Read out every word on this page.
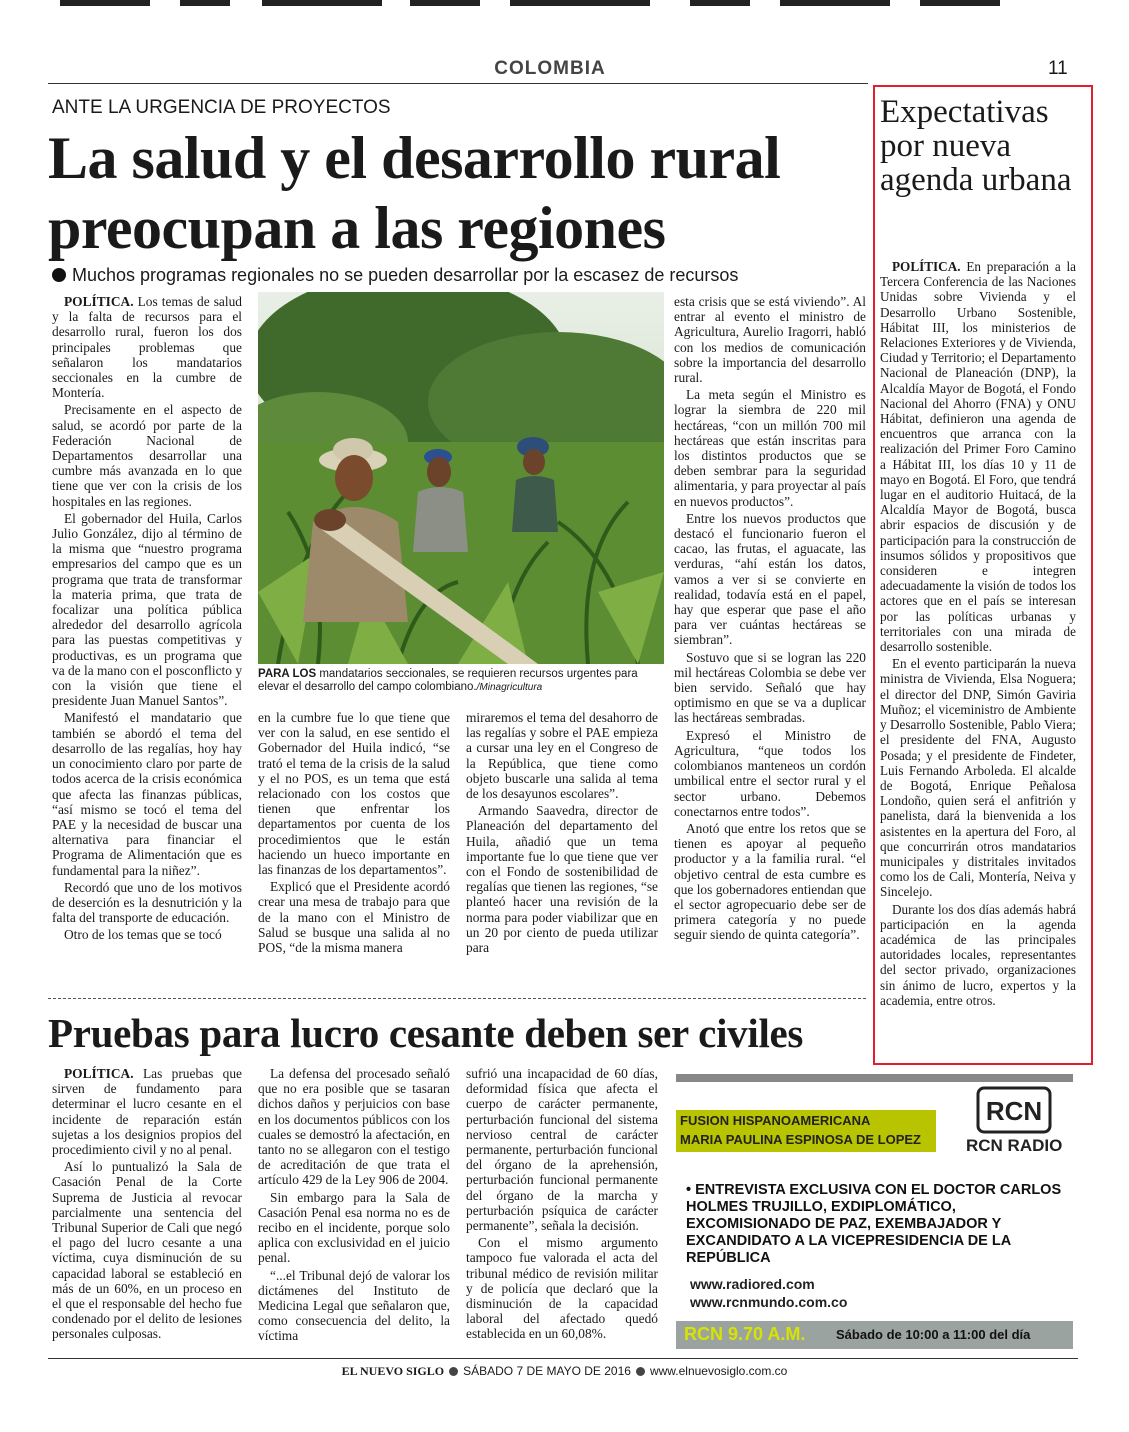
COLOMBIA	11
ANTE LA URGENCIA DE PROYECTOS
La salud y el desarrollo rural
preocupan a las regiones
Muchos programas regionales no se pueden desarrollar por la escasez de recursos

POLÍTICA. Los temas de salud y la falta de recursos para el desarrollo rural, fueron los dos principales problemas que señalaron los mandatarios seccionales en la cumbre de Montería.

Precisamente en el aspecto de salud, se acordó por parte de la Federación Nacional de Departamentos desarrollar una cumbre más avanzada en lo que tiene que ver con la crisis de los hospitales en las regiones.

El gobernador del Huila, Carlos Julio González, dijo al término de la misma que “nuestro programa empresarios del campo que es un programa que trata de transformar la materia prima, que trata de focalizar una política pública alrededor del desarrollo agrícola para las puestas competitivas y productivas, es un programa que va de la mano con el posconflicto y con la visión que tiene el presidente Juan Manuel Santos”.

Manifestó el mandatario que también se abordó el tema del desarrollo de las regalías, hoy hay un conocimiento claro por parte de todos acerca de la crisis económica que afecta las finanzas públicas, “así mismo se tocó el tema del PAE y la necesidad de buscar una alternativa para financiar el Programa de Alimentación que es fundamental para la niñez”.

Recordó que uno de los motivos de deserción es la desnutrición y la falta del transporte de educación.

Otro de los temas que se tocó

PARA LOS mandatarios seccionales, se requieren recursos urgentes para elevar el desarrollo del campo colombiano./Minagricultura

en la cumbre fue lo que tiene que ver con la salud, en ese sentido el Gobernador del Huila indicó, “se trató el tema de la crisis de la salud y el no POS, es un tema que está relacionado con los costos que tienen que enfrentar los departamentos por cuenta de los procedimientos que le están haciendo un hueco importante en las finanzas de los departamentos”.

Explicó que el Presidente acordó crear una mesa de trabajo para que de la mano con el Ministro de Salud se busque una salida al no POS, “de la misma manera

miraremos el tema del desahorro de las regalías y sobre el PAE empieza a cursar una ley en el Congreso de la República, que tiene como objeto buscarle una salida al tema de los desayunos escolares”.

Armando Saavedra, director de Planeación del departamento del Huila, añadió que un tema importante fue lo que tiene que ver con el Fondo de sostenibilidad de regalías que tienen las regiones, “se planteó hacer una revisión de la norma para poder viabilizar que en un 20 por ciento de pueda utilizar para

esta crisis que se está viviendo”. Al entrar al evento el ministro de Agricultura, Aurelio Iragorri, habló con los medios de comunicación sobre la importancia del desarrollo rural.

La meta según el Ministro es lograr la siembra de 220 mil hectáreas, “con un millón 700 mil hectáreas que están inscritas para los distintos productos que se deben sembrar para la seguridad alimentaria, y para proyectar al país en nuevos productos”.

Entre los nuevos productos que destacó el funcionario fueron el cacao, las frutas, el aguacate, las verduras, “ahí están los datos, vamos a ver si se convierte en realidad, todavía está en el papel, hay que esperar que pase el año para ver cuántas hectáreas se siembran”.

Sostuvo que si se logran las 220 mil hectáreas Colombia se debe ver bien servido. Señaló que hay optimismo en que se va a duplicar las hectáreas sembradas.

Expresó el Ministro de Agricultura, “que todos los colombianos manteneos un cordón umbilical entre el sector rural y el sector urbano. Debemos conectarnos entre todos”.

Anotó que entre los retos que se tienen es apoyar al pequeño productor y a la familia rural. “el objetivo central de esta cumbre es que los gobernadores entiendan que el sector agropecuario debe ser de primera categoría y no puede seguir siendo de quinta categoría”.

Expectativas por nueva agenda urbana

POLÍTICA. En preparación a la Tercera Conferencia de las Naciones Unidas sobre Vivienda y el Desarrollo Urbano Sostenible, Hábitat III, los ministerios de Relaciones Exteriores y de Vivienda, Ciudad y Territorio; el Departamento Nacional de Planeación (DNP), la Alcaldía Mayor de Bogotá, el Fondo Nacional del Ahorro (FNA) y ONU Hábitat, definieron una agenda de encuentros que arranca con la realización del Primer Foro Camino a Hábitat III, los días 10 y 11 de mayo en Bogotá. El Foro, que tendrá lugar en el auditorio Huitacá, de la Alcaldía Mayor de Bogotá, busca abrir espacios de discusión y de participación para la construcción de insumos sólidos y propositivos que consideren e integren adecuadamente la visión de todos los actores que en el país se interesan por las políticas urbanas y territoriales con una mirada de desarrollo sostenible.

En el evento participarán la nueva ministra de Vivienda, Elsa Noguera; el director del DNP, Simón Gaviria Muñoz; el viceministro de Ambiente y Desarrollo Sostenible, Pablo Viera; el presidente del FNA, Augusto Posada; y el presidente de Findeter, Luis Fernando Arboleda. El alcalde de Bogotá, Enrique Peñalosa Londoño, quien será el anfitrión y panelista, dará la bienvenida a los asistentes en la apertura del Foro, al que concurrirán otros mandatarios municipales y distritales invitados como los de Cali, Montería, Neiva y Sincelejo.

Durante los dos días además habrá participación en la agenda académica de las principales autoridades locales, representantes del sector privado, organizaciones sin ánimo de lucro, expertos y la academia, entre otros.

Pruebas para lucro cesante deben ser civiles

POLÍTICA. Las pruebas que sirven de fundamento para determinar el lucro cesante en el incidente de reparación están sujetas a los designios propios del procedimiento civil y no al penal.

Así lo puntualizó la Sala de Casación Penal de la Corte Suprema de Justicia al revocar parcialmente una sentencia del Tribunal Superior de Cali que negó el pago del lucro cesante a una víctima, cuya disminución de su capacidad laboral se estableció en más de un 60%, en un proceso en el que el responsable del hecho fue condenado por el delito de lesiones personales culposas.

La defensa del procesado señaló que no era posible que se tasaran dichos daños y perjuicios con base en los documentos públicos con los cuales se demostró la afectación, en tanto no se allegaron con el testigo de acreditación de que trata el artículo 429 de la Ley 906 de 2004.

Sin embargo para la Sala de Casación Penal esa norma no es de recibo en el incidente, porque solo aplica con exclusividad en el juicio penal.

“...el Tribunal dejó de valorar los dictámenes del Instituto de Medicina Legal que señalaron que, como consecuencia del delito, la víctima

sufrió una incapacidad de 60 días, deformidad física que afecta el cuerpo de carácter permanente, perturbación funcional del sistema nervioso central de carácter permanente, perturbación funcional del órgano de la aprehensión, perturbación funcional permanente del órgano de la marcha y perturbación psíquica de carácter permanente”, señala la decisión.

Con el mismo argumento tampoco fue valorada el acta del tribunal médico de revisión militar y de policía que declaró que la disminución de la capacidad laboral del afectado quedó establecida en un 60,08%.

FUSION HISPANOAMERICANA
MARIA PAULINA ESPINOSA DE LOPEZ
RCN
RCN RADIO
• ENTREVISTA EXCLUSIVA CON EL DOCTOR CARLOS HOLMES TRUJILLO, EXDIPLOMÁTICO, EXCOMISIONADO DE PAZ, EXEMBAJADOR Y EXCANDIDATO A LA VICEPRESIDENCIA DE LA REPÚBLICA
www.radiored.com
www.rcnmundo.com.co
RCN 9.70 A.M. Sábado de 10:00 a 11:00 del día
EL NUEVO SIGLO SÁBADO 7 DE MAYO DE 2016 www.elnuevosiglo.com.co
